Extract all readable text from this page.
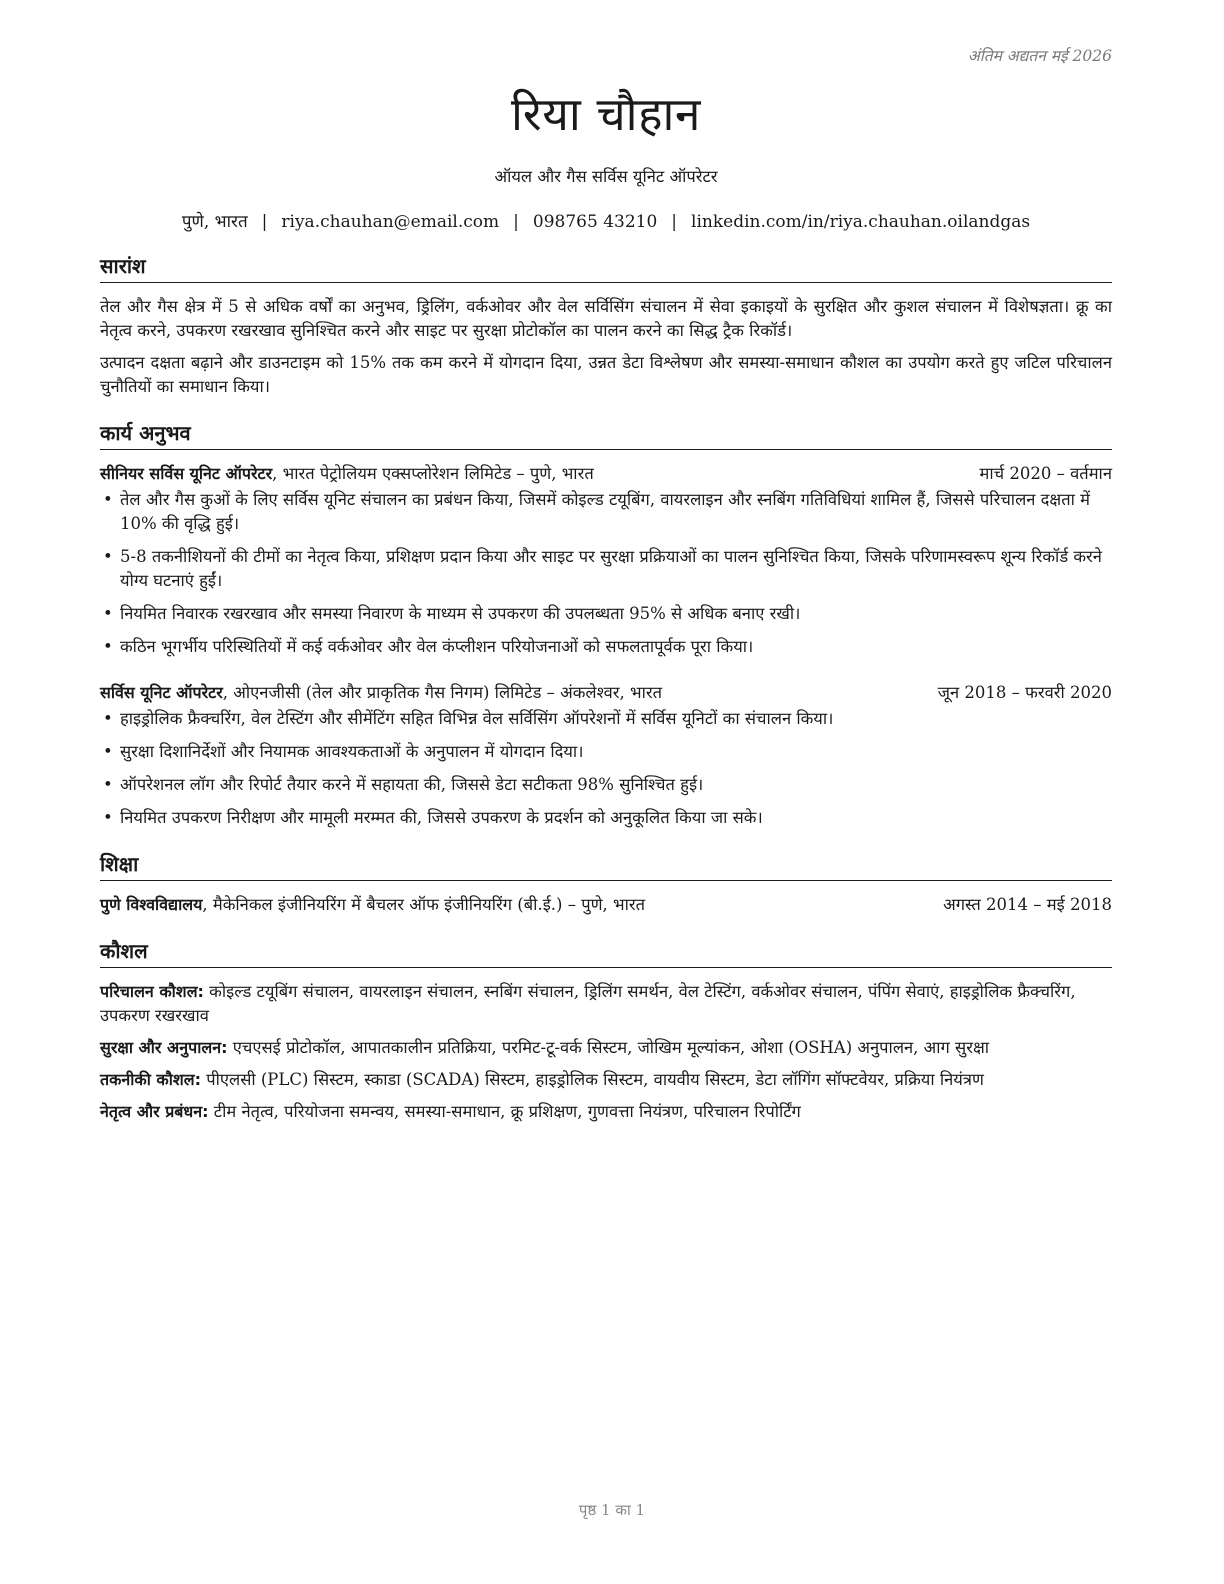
अंतिम अद्यतन मई 2026
रिया चौहान
ऑयल और गैस सर्विस यूनिट ऑपरेटर
पुणे, भारत | riya.chauhan@email.com | 098765 43210 | linkedin.com/in/riya.chauhan.oilandgas
सारांश

तेल और गैस क्षेत्र में 5 से अधिक वर्षों का अनुभव, ड्रिलिंग, वर्कओवर और वेल सर्विसिंग संचालन में सेवा इकाइयों के सुरक्षित और कुशल संचालन में विशेषज्ञता। क्रू का नेतृत्व करने, उपकरण रखरखाव सुनिश्चित करने और साइट पर सुरक्षा प्रोटोकॉल का पालन करने का सिद्ध ट्रैक रिकॉर्ड।

उत्पादन दक्षता बढ़ाने और डाउनटाइम को 15% तक कम करने में योगदान दिया, उन्नत डेटा विश्लेषण और समस्या-समाधान कौशल का उपयोग करते हुए जटिल परिचालन चुनौतियों का समाधान किया।

कार्य अनुभव
सीनियर सर्विस यूनिट ऑपरेटर, भारत पेट्रोलियम एक्सप्लोरेशन लिमिटेड – पुणे, भारत	मार्च 2020 – वर्तमान
• तेल और गैस कुओं के लिए सर्विस यूनिट संचालन का प्रबंधन किया, जिसमें कोइल्ड टयूबिंग, वायरलाइन और स्नबिंग गतिविधियां शामिल हैं, जिससे परिचालन दक्षता में 10% की वृद्धि हुई।
• 5-8 तकनीशियनों की टीमों का नेतृत्व किया, प्रशिक्षण प्रदान किया और साइट पर सुरक्षा प्रक्रियाओं का पालन सुनिश्चित किया, जिसके परिणामस्वरूप शून्य रिकॉर्ड करने योग्य घटनाएं हुईं।
• नियमित निवारक रखरखाव और समस्या निवारण के माध्यम से उपकरण की उपलब्धता 95% से अधिक बनाए रखी।
• कठिन भूगर्भीय परिस्थितियों में कई वर्कओवर और वेल कंप्लीशन परियोजनाओं को सफलतापूर्वक पूरा किया।
सर्विस यूनिट ऑपरेटर, ओएनजीसी (तेल और प्राकृतिक गैस निगम) लिमिटेड – अंकलेश्वर, भारत	जून 2018 – फरवरी 2020
• हाइड्रोलिक फ्रैक्चरिंग, वेल टेस्टिंग और सीमेंटिंग सहित विभिन्न वेल सर्विसिंग ऑपरेशनों में सर्विस यूनिटों का संचालन किया।
• सुरक्षा दिशानिर्देशों और नियामक आवश्यकताओं के अनुपालन में योगदान दिया।
• ऑपरेशनल लॉग और रिपोर्ट तैयार करने में सहायता की, जिससे डेटा सटीकता 98% सुनिश्चित हुई।
• नियमित उपकरण निरीक्षण और मामूली मरम्मत की, जिससे उपकरण के प्रदर्शन को अनुकूलित किया जा सके।
शिक्षा
पुणे विश्वविद्यालय, मैकेनिकल इंजीनियरिंग में बैचलर ऑफ इंजीनियरिंग (बी.ई.) – पुणे, भारत	अगस्त 2014 – मई 2018
कौशल
परिचालन कौशल: कोइल्ड टयूबिंग संचालन, वायरलाइन संचालन, स्नबिंग संचालन, ड्रिलिंग समर्थन, वेल टेस्टिंग, वर्कओवर संचालन, पंपिंग सेवाएं, हाइड्रोलिक फ्रैक्चरिंग, उपकरण रखरखाव
सुरक्षा और अनुपालन: एचएसई प्रोटोकॉल, आपातकालीन प्रतिक्रिया, परमिट-टू-वर्क सिस्टम, जोखिम मूल्यांकन, ओशा (OSHA) अनुपालन, आग सुरक्षा
तकनीकी कौशल: पीएलसी (PLC) सिस्टम, स्काडा (SCADA) सिस्टम, हाइड्रोलिक सिस्टम, वायवीय सिस्टम, डेटा लॉगिंग सॉफ्टवेयर, प्रक्रिया नियंत्रण
नेतृत्व और प्रबंधन: टीम नेतृत्व, परियोजना समन्वय, समस्या-समाधान, क्रू प्रशिक्षण, गुणवत्ता नियंत्रण, परिचालन रिपोर्टिंग
पृष्ठ 1 का 1
